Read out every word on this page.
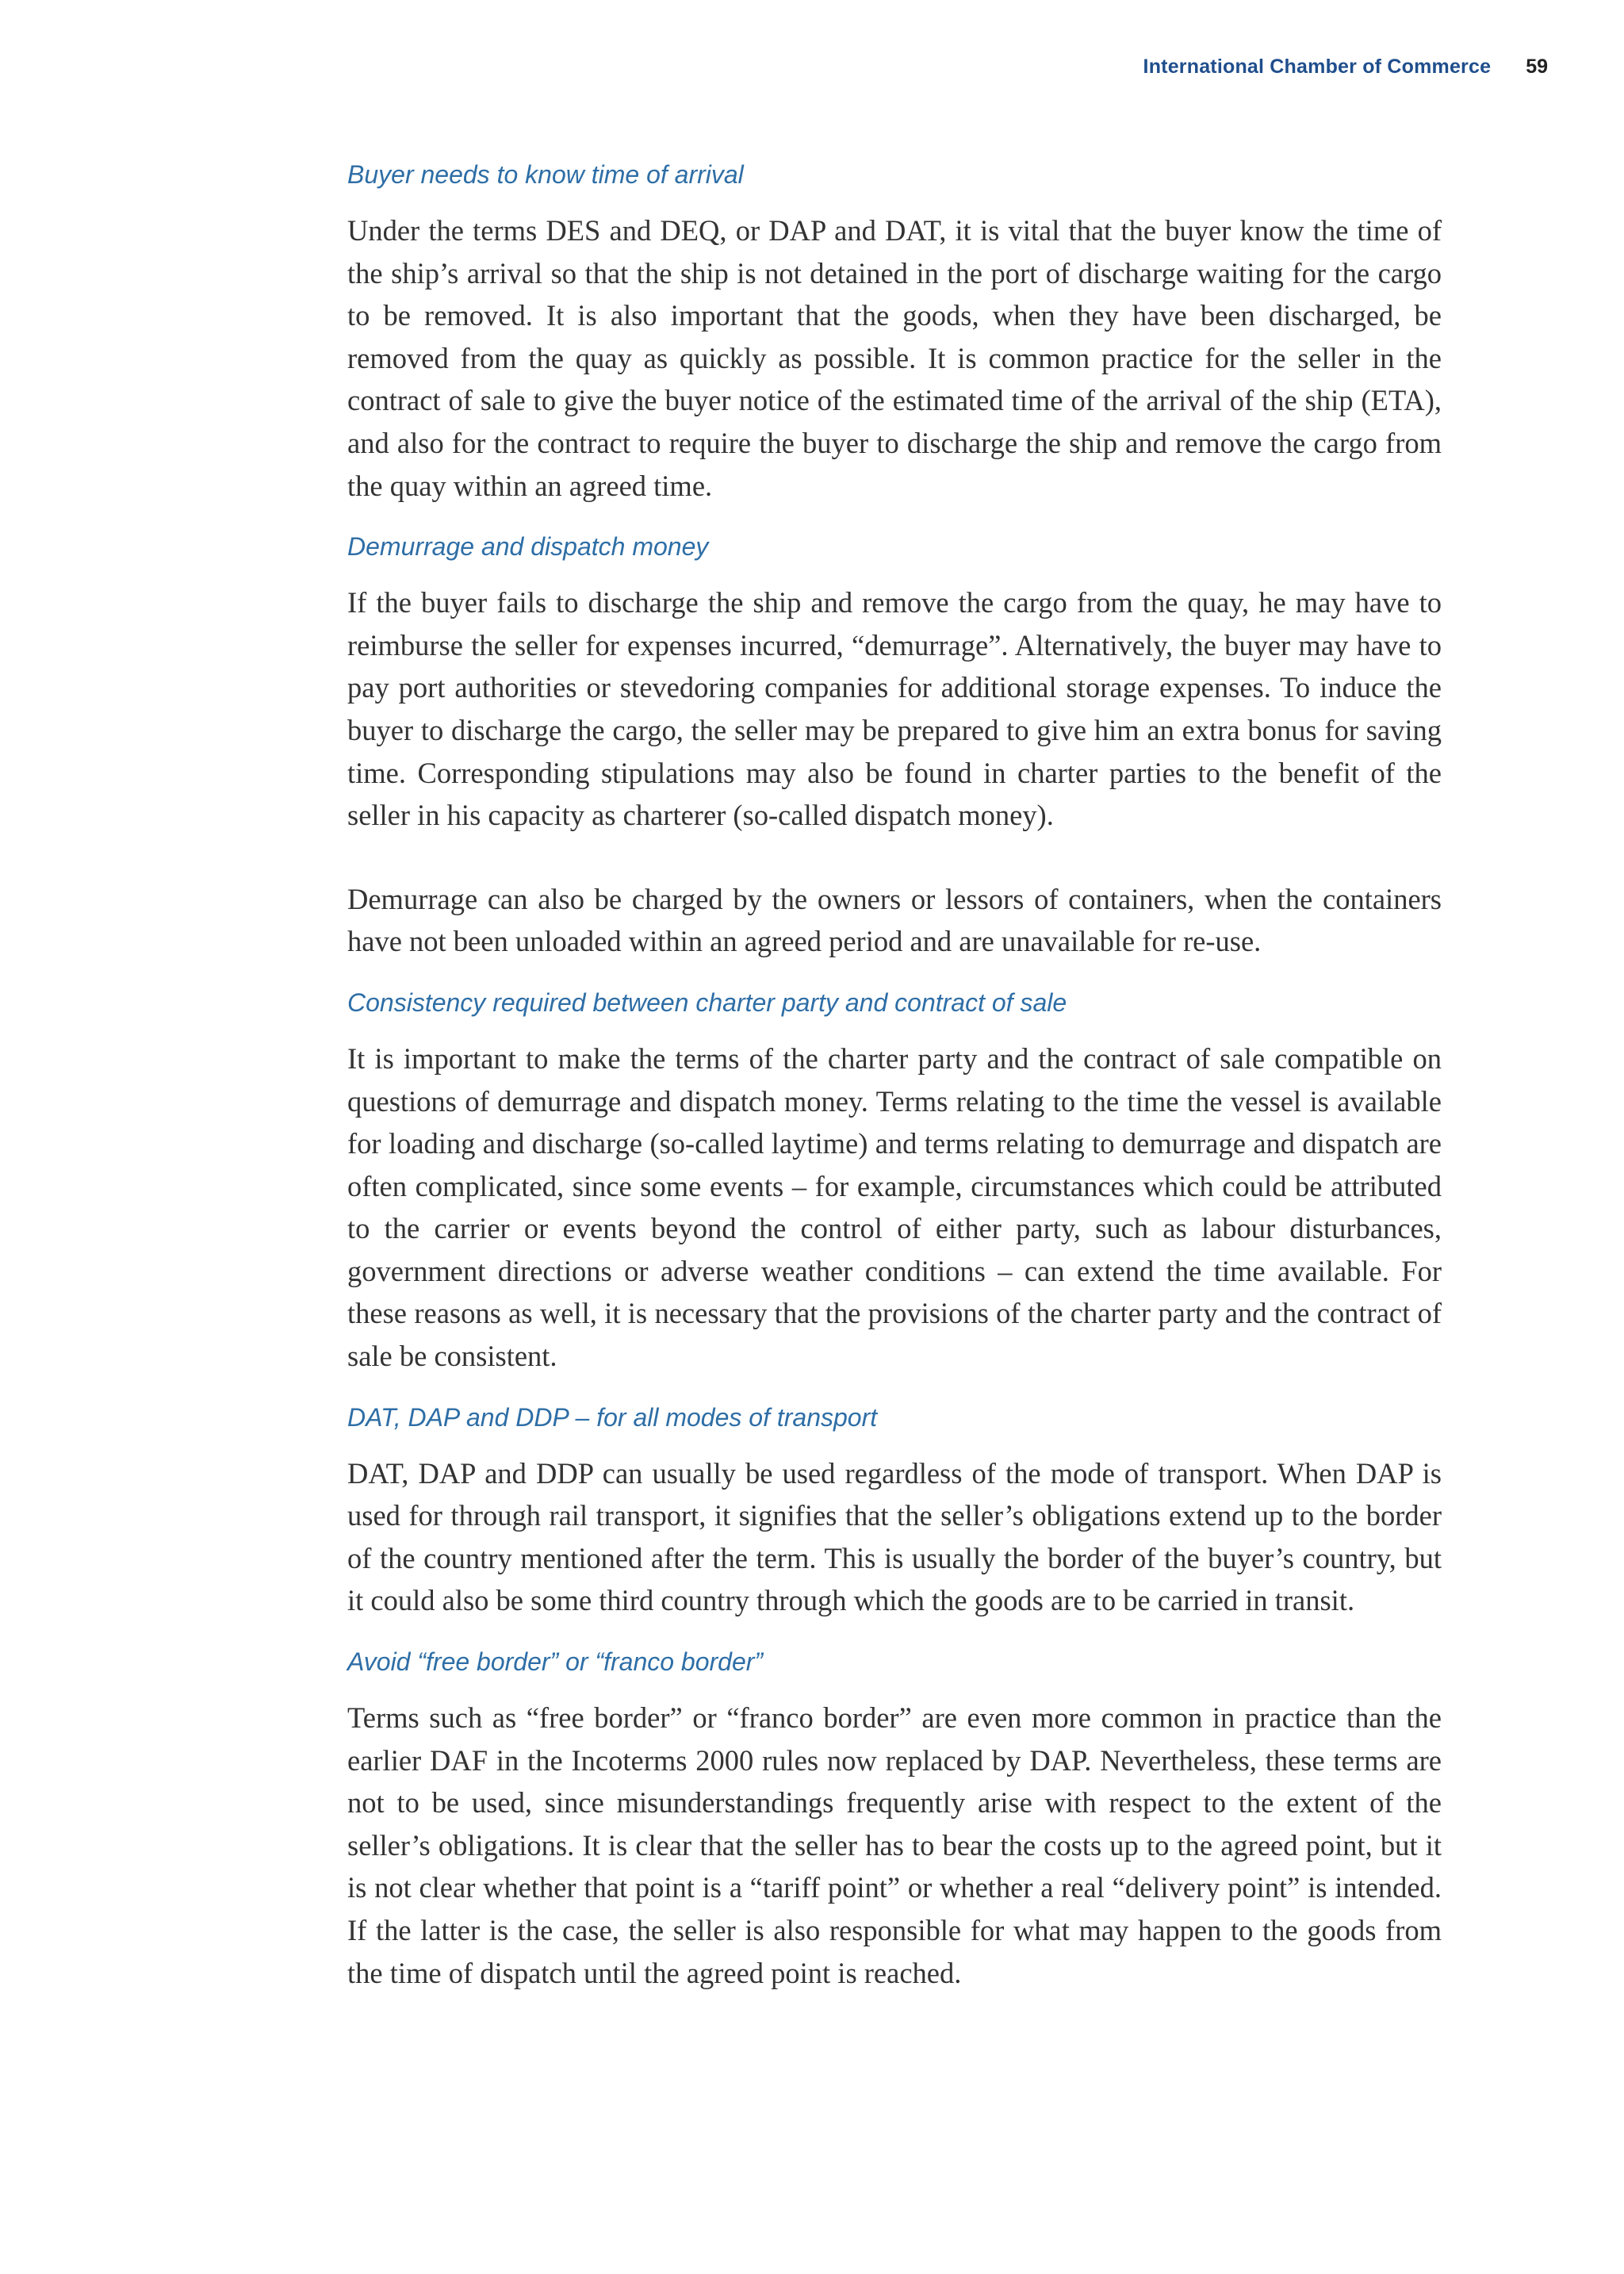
International Chamber of Commerce 59
Buyer needs to know time of arrival

Under the terms DES and DEQ, or DAP and DAT, it is vital that the buyer know the time of the ship’s arrival so that the ship is not detained in the port of discharge waiting for the cargo to be removed. It is also important that the goods, when they have been discharged, be removed from the quay as quickly as possible. It is common practice for the seller in the contract of sale to give the buyer notice of the estimated time of the arrival of the ship (ETA), and also for the contract to require the buyer to discharge the ship and remove the cargo from the quay within an agreed time.

Demurrage and dispatch money

If the buyer fails to discharge the ship and remove the cargo from the quay, he may have to reimburse the seller for expenses incurred, “demurrage”. Alternatively, the buyer may have to pay port authorities or stevedoring companies for additional storage expenses. To induce the buyer to discharge the cargo, the seller may be prepared to give him an extra bonus for saving time. Corresponding stipulations may also be found in charter parties to the benefit of the seller in his capacity as charterer (so-called dispatch money).

Demurrage can also be charged by the owners or lessors of containers, when the containers have not been unloaded within an agreed period and are unavailable for re-use.

Consistency required between charter party and contract of sale

It is important to make the terms of the charter party and the contract of sale compatible on questions of demurrage and dispatch money. Terms relating to the time the vessel is available for loading and discharge (so-called laytime) and terms relating to demurrage and dispatch are often complicated, since some events – for example, circumstances which could be attributed to the carrier or events beyond the control of either party, such as labour disturbances, government directions or adverse weather conditions – can extend the time available. For these reasons as well, it is necessary that the provisions of the charter party and the contract of sale be consistent.

DAT, DAP and DDP – for all modes of transport

DAT, DAP and DDP can usually be used regardless of the mode of transport. When DAP is used for through rail transport, it signifies that the seller’s obligations extend up to the border of the country mentioned after the term. This is usually the border of the buyer’s country, but it could also be some third country through which the goods are to be carried in transit.

Avoid “free border” or “franco border”

Terms such as “free border” or “franco border” are even more common in practice than the earlier DAF in the Incoterms 2000 rules now replaced by DAP. Nevertheless, these terms are not to be used, since misunderstandings frequently arise with respect to the extent of the seller’s obligations. It is clear that the seller has to bear the costs up to the agreed point, but it is not clear whether that point is a “tariff point” or whether a real “delivery point” is intended. If the latter is the case, the seller is also responsible for what may happen to the goods from the time of dispatch until the agreed point is reached.
